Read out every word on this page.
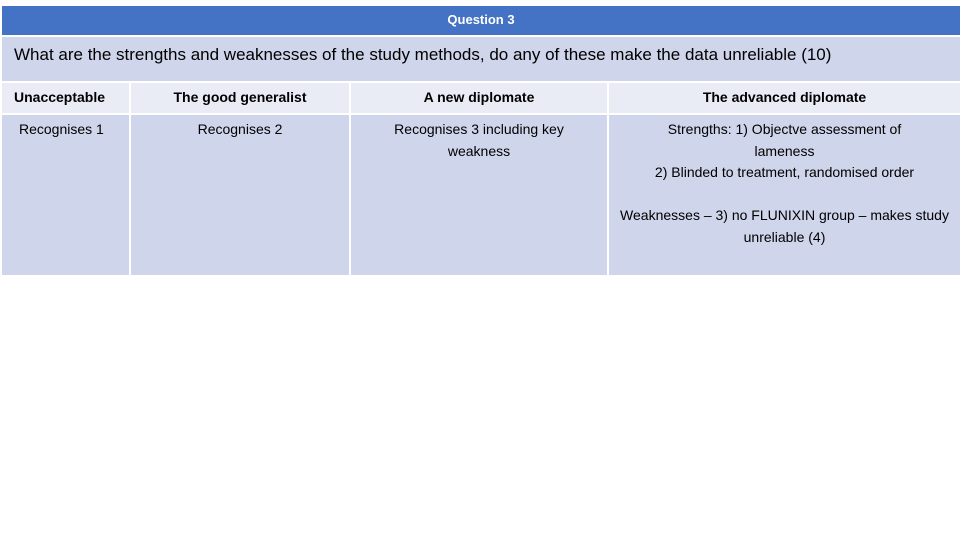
Question 3			
What are the strengths and weaknesses of the study methods, do any of these make the data unreliable (10)			
Unacceptable	The good generalist	A new diplomate	The advanced diplomate

Recognises 1	Recognises 2	Recognises 3 including key weakness	Strengths: 1) Objectve assessment of lameness

2) Blinded to treatment, randomised order

Weaknesses – 3) no FLUNIXIN group – makes study unreliable (4)
